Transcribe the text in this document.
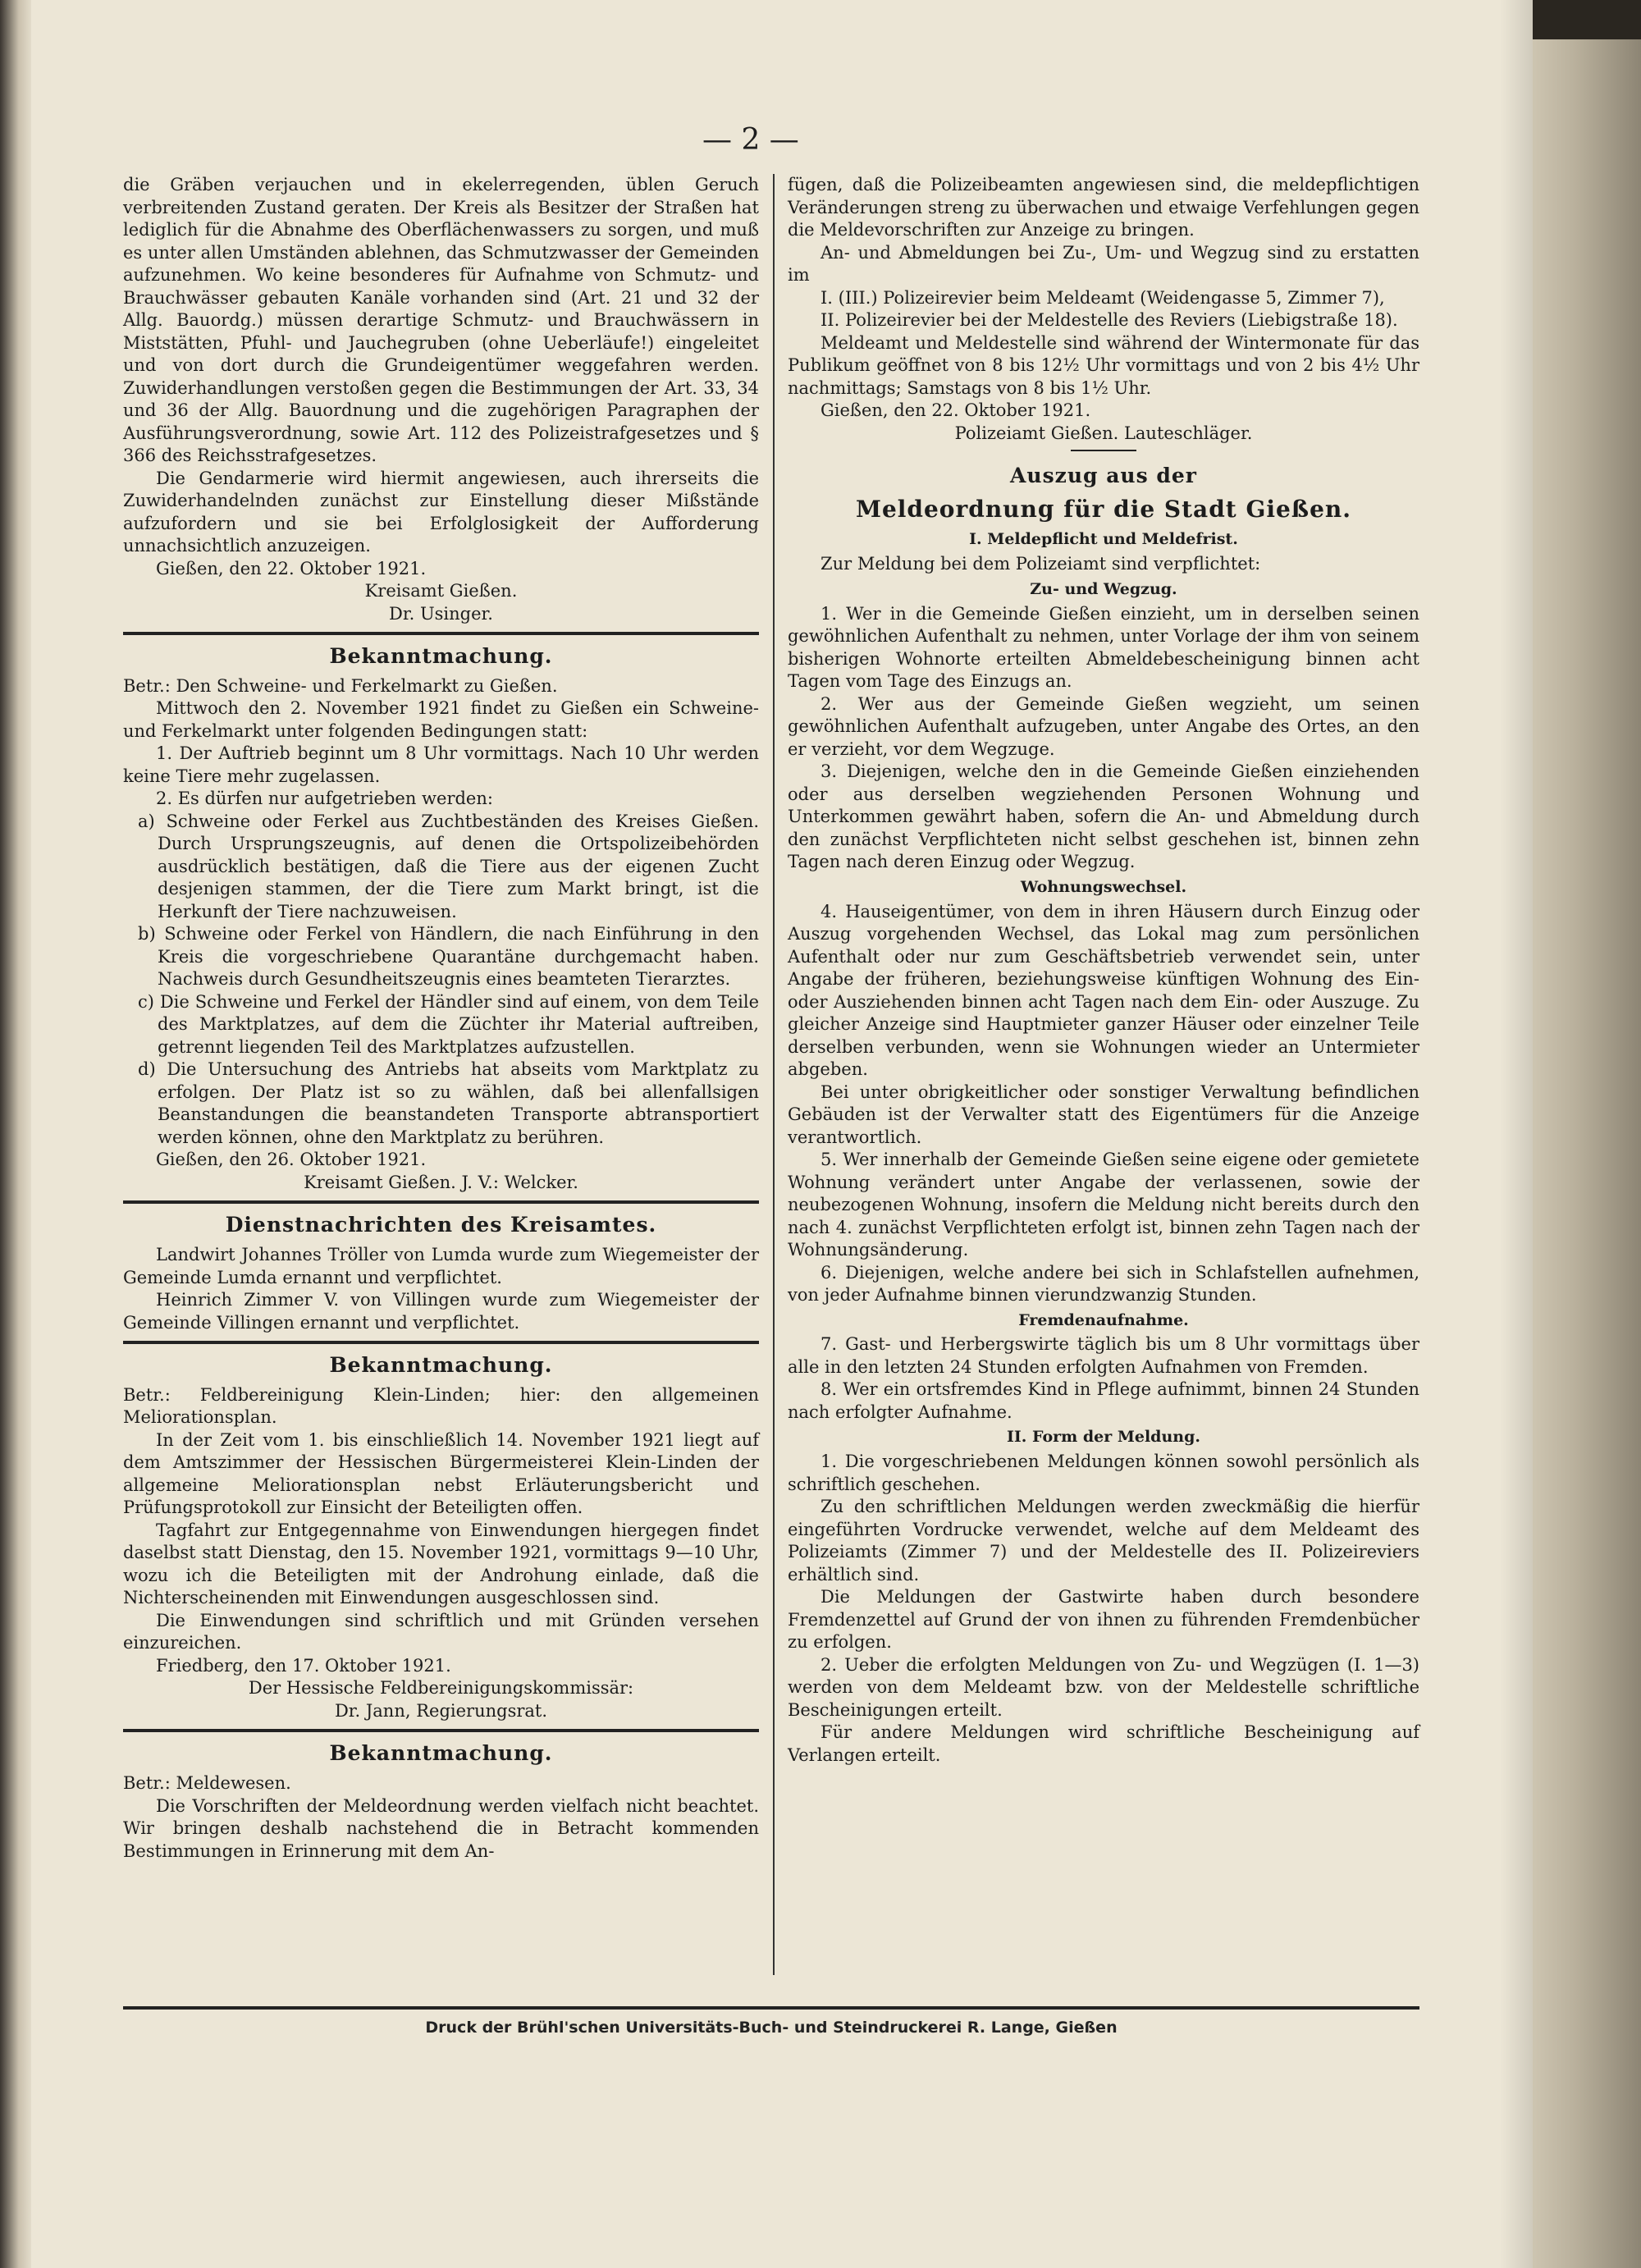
— 2 —

die Gräben verjauchen und in ekelerregenden, üblen Geruch verbreitenden Zustand geraten. Der Kreis als Besitzer der Straßen hat lediglich für die Abnahme des Oberflächenwassers zu sorgen, und muß es unter allen Umständen ablehnen, das Schmutzwasser der Gemeinden aufzunehmen. Wo keine besonderes für Aufnahme von Schmutz- und Brauchwässer gebauten Kanäle vorhanden sind (Art. 21 und 32 der Allg. Bauordg.) müssen derartige Schmutz- und Brauchwässern in Miststätten, Pfuhl- und Jauchegruben (ohne Ueberläufe!) eingeleitet und von dort durch die Grundeigentümer weggefahren werden. Zuwiderhandlungen verstoßen gegen die Bestimmungen der Art. 33, 34 und 36 der Allg. Bauordnung und die zugehörigen Paragraphen der Ausführungsverordnung, sowie Art. 112 des Polizeistrafgesetzes und § 366 des Reichsstrafgesetzes.

Die Gendarmerie wird hiermit angewiesen, auch ihrerseits die Zuwiderhandelnden zunächst zur Einstellung dieser Mißstände aufzufordern und sie bei Erfolglosigkeit der Aufforderung unnachsichtlich anzuzeigen.

Gießen, den 22. Oktober 1921.

Kreisamt Gießen.

Dr. Usinger.

Bekanntmachung.

Betr.: Den Schweine- und Ferkelmarkt zu Gießen.

Mittwoch den 2. November 1921 findet zu Gießen ein Schweine- und Ferkelmarkt unter folgenden Bedingungen statt:

1. Der Auftrieb beginnt um 8 Uhr vormittags. Nach 10 Uhr werden keine Tiere mehr zugelassen.

2. Es dürfen nur aufgetrieben werden:

a) Schweine oder Ferkel aus Zuchtbeständen des Kreises Gießen. Durch Ursprungszeugnis, auf denen die Ortspolizeibehörden ausdrücklich bestätigen, daß die Tiere aus der eigenen Zucht desjenigen stammen, der die Tiere zum Markt bringt, ist die Herkunft der Tiere nachzuweisen.

b) Schweine oder Ferkel von Händlern, die nach Einführung in den Kreis die vorgeschriebene Quarantäne durchgemacht haben. Nachweis durch Gesundheitszeugnis eines beamteten Tierarztes.

c) Die Schweine und Ferkel der Händler sind auf einem, von dem Teile des Marktplatzes, auf dem die Züchter ihr Material auftreiben, getrennt liegenden Teil des Marktplatzes aufzustellen.

d) Die Untersuchung des Antriebs hat abseits vom Marktplatz zu erfolgen. Der Platz ist so zu wählen, daß bei allenfallsigen Beanstandungen die beanstandeten Transporte abtransportiert werden können, ohne den Marktplatz zu berühren.

Gießen, den 26. Oktober 1921.

Kreisamt Gießen. J. V.: Welcker.

Dienstnachrichten des Kreisamtes.

Landwirt Johannes Tröller von Lumda wurde zum Wiegemeister der Gemeinde Lumda ernannt und verpflichtet.

Heinrich Zimmer V. von Villingen wurde zum Wiegemeister der Gemeinde Villingen ernannt und verpflichtet.

Bekanntmachung.

Betr.: Feldbereinigung Klein-Linden; hier: den allgemeinen Meliorationsplan.

In der Zeit vom 1. bis einschließlich 14. November 1921 liegt auf dem Amtszimmer der Hessischen Bürgermeisterei Klein-Linden der allgemeine Meliorationsplan nebst Erläuterungsbericht und Prüfungsprotokoll zur Einsicht der Beteiligten offen.

Tagfahrt zur Entgegennahme von Einwendungen hiergegen findet daselbst statt Dienstag, den 15. November 1921, vormittags 9—10 Uhr, wozu ich die Beteiligten mit der Androhung einlade, daß die Nichterscheinenden mit Einwendungen ausgeschlossen sind.

Die Einwendungen sind schriftlich und mit Gründen versehen einzureichen.

Friedberg, den 17. Oktober 1921.

Der Hessische Feldbereinigungskommissär:

Dr. Jann, Regierungsrat.

Bekanntmachung.

Betr.: Meldewesen.

Die Vorschriften der Meldeordnung werden vielfach nicht beachtet. Wir bringen deshalb nachstehend die in Betracht kommenden Bestimmungen in Erinnerung mit dem An-

fügen, daß die Polizeibeamten angewiesen sind, die meldepflichtigen Veränderungen streng zu überwachen und etwaige Verfehlungen gegen die Meldevorschriften zur Anzeige zu bringen.

An- und Abmeldungen bei Zu-, Um- und Wegzug sind zu erstatten im

I. (III.) Polizeirevier beim Meldeamt (Weidengasse 5, Zimmer 7),

II. Polizeirevier bei der Meldestelle des Reviers (Liebigstraße 18).

Meldeamt und Meldestelle sind während der Wintermonate für das Publikum geöffnet von 8 bis 12½ Uhr vormittags und von 2 bis 4½ Uhr nachmittags; Samstags von 8 bis 1½ Uhr.

Gießen, den 22. Oktober 1921.

Polizeiamt Gießen. Lauteschläger.

Auszug aus der
Meldeordnung für die Stadt Gießen.
I. Meldepflicht und Meldefrist.

Zur Meldung bei dem Polizeiamt sind verpflichtet:

Zu- und Wegzug.

1. Wer in die Gemeinde Gießen einzieht, um in derselben seinen gewöhnlichen Aufenthalt zu nehmen, unter Vorlage der ihm von seinem bisherigen Wohnorte erteilten Abmeldebescheinigung binnen acht Tagen vom Tage des Einzugs an.

2. Wer aus der Gemeinde Gießen wegzieht, um seinen gewöhnlichen Aufenthalt aufzugeben, unter Angabe des Ortes, an den er verzieht, vor dem Wegzuge.

3. Diejenigen, welche den in die Gemeinde Gießen einziehenden oder aus derselben wegziehenden Personen Wohnung und Unterkommen gewährt haben, sofern die An- und Abmeldung durch den zunächst Verpflichteten nicht selbst geschehen ist, binnen zehn Tagen nach deren Einzug oder Wegzug.

Wohnungswechsel.

4. Hauseigentümer, von dem in ihren Häusern durch Einzug oder Auszug vorgehenden Wechsel, das Lokal mag zum persönlichen Aufenthalt oder nur zum Geschäftsbetrieb verwendet sein, unter Angabe der früheren, beziehungsweise künftigen Wohnung des Ein- oder Ausziehenden binnen acht Tagen nach dem Ein- oder Auszuge. Zu gleicher Anzeige sind Hauptmieter ganzer Häuser oder einzelner Teile derselben verbunden, wenn sie Wohnungen wieder an Untermieter abgeben.

Bei unter obrigkeitlicher oder sonstiger Verwaltung befindlichen Gebäuden ist der Verwalter statt des Eigentümers für die Anzeige verantwortlich.

5. Wer innerhalb der Gemeinde Gießen seine eigene oder gemietete Wohnung verändert unter Angabe der verlassenen, sowie der neubezogenen Wohnung, insofern die Meldung nicht bereits durch den nach 4. zunächst Verpflichteten erfolgt ist, binnen zehn Tagen nach der Wohnungsänderung.

6. Diejenigen, welche andere bei sich in Schlafstellen aufnehmen, von jeder Aufnahme binnen vierundzwanzig Stunden.

Fremdenaufnahme.

7. Gast- und Herbergswirte täglich bis um 8 Uhr vormittags über alle in den letzten 24 Stunden erfolgten Aufnahmen von Fremden.

8. Wer ein ortsfremdes Kind in Pflege aufnimmt, binnen 24 Stunden nach erfolgter Aufnahme.

II. Form der Meldung.

1. Die vorgeschriebenen Meldungen können sowohl persönlich als schriftlich geschehen.

Zu den schriftlichen Meldungen werden zweckmäßig die hierfür eingeführten Vordrucke verwendet, welche auf dem Meldeamt des Polizeiamts (Zimmer 7) und der Meldestelle des II. Polizeireviers erhältlich sind.

Die Meldungen der Gastwirte haben durch besondere Fremdenzettel auf Grund der von ihnen zu führenden Fremdenbücher zu erfolgen.

2. Ueber die erfolgten Meldungen von Zu- und Wegzügen (I. 1—3) werden von dem Meldeamt bzw. von der Meldestelle schriftliche Bescheinigungen erteilt.

Für andere Meldungen wird schriftliche Bescheinigung auf Verlangen erteilt.

Druck der Brühl'schen Universitäts-Buch- und Steindruckerei R. Lange, Gießen
